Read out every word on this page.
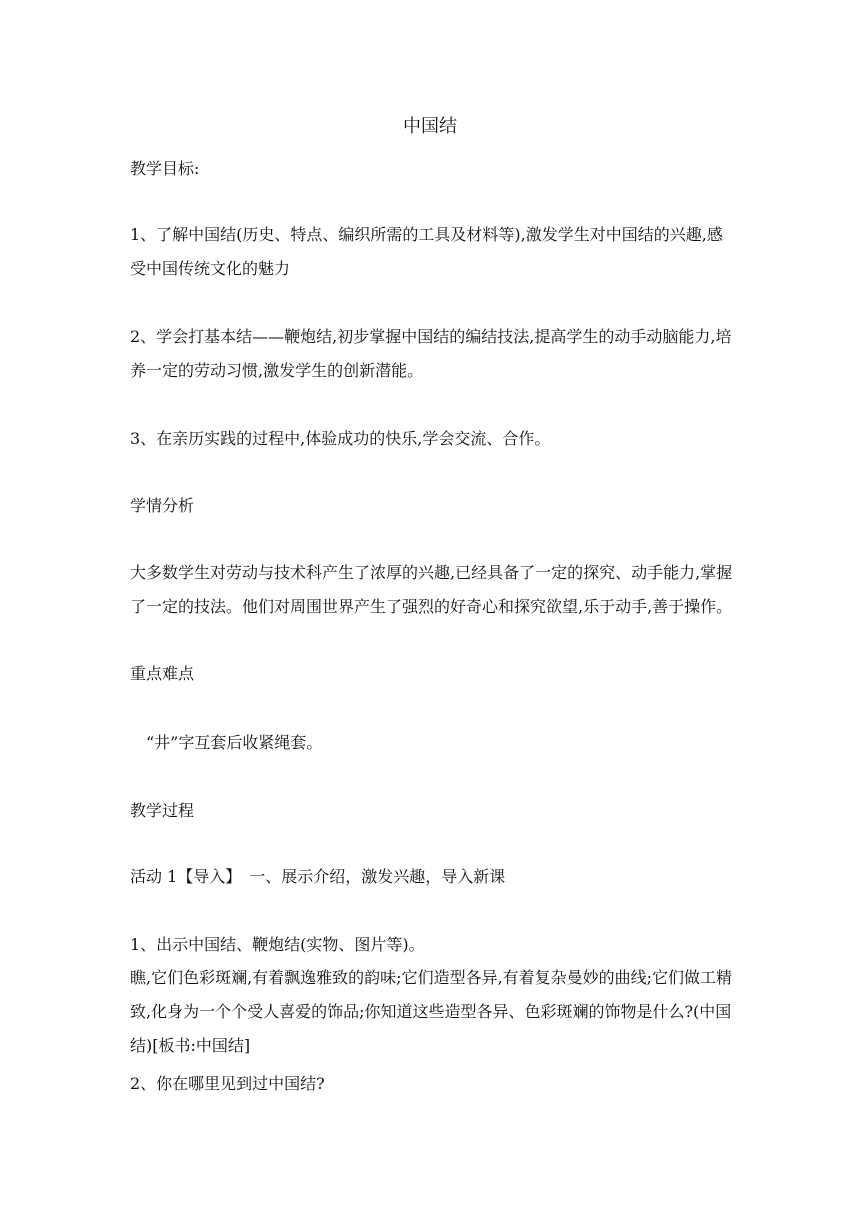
中国结
教学目标:
1、了解中国结(历史、特点、编织所需的工具及材料等),激发学生对中国结的兴趣,感受中国传统文化的魅力
2、学会打基本结——鞭炮结,初步掌握中国结的编结技法,提高学生的动手动脑能力,培养一定的劳动习惯,激发学生的创新潜能。
3、在亲历实践的过程中,体验成功的快乐,学会交流、合作。
学情分析
大多数学生对劳动与技术科产生了浓厚的兴趣,已经具备了一定的探究、动手能力,掌握了一定的技法。他们对周围世界产生了强烈的好奇心和探究欲望,乐于动手,善于操作。
重点难点
“井”字互套后收紧绳套。
教学过程
活动 1【导入】　一、展示介绍，激发兴趣，导入新课
1、出示中国结、鞭炮结(实物、图片等)。
瞧,它们色彩斑斓,有着飘逸雅致的韵味;它们造型各异,有着复杂曼妙的曲线;它们做工精致,化身为一个个受人喜爱的饰品;你知道这些造型各异、色彩斑斓的饰物是什么?(中国结)[板书:中国结]
2、你在哪里见到过中国结?
